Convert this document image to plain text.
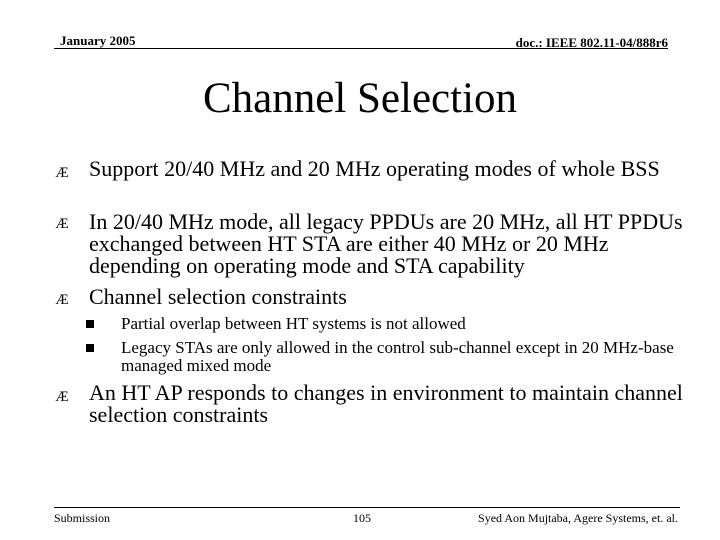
January 2005	doc.: IEEE 802.11-04/888r6
Channel Selection
Æ Support 20/40 MHz and 20 MHz operating modes of whole BSS
Æ In 20/40 MHz mode, all legacy PPDUs are 20 MHz, all HT PPDUs exchanged between HT STA are either 40 MHz or 20 MHz depending on operating mode and STA capability
Æ Channel selection constraints
Partial overlap between HT systems is not allowed
Legacy STAs are only allowed in the control sub-channel except in 20 MHz-base managed mixed mode
Æ An HT AP responds to changes in environment to maintain channel selection constraints
Submission	105	Syed Aon Mujtaba, Agere Systems, et. al.
